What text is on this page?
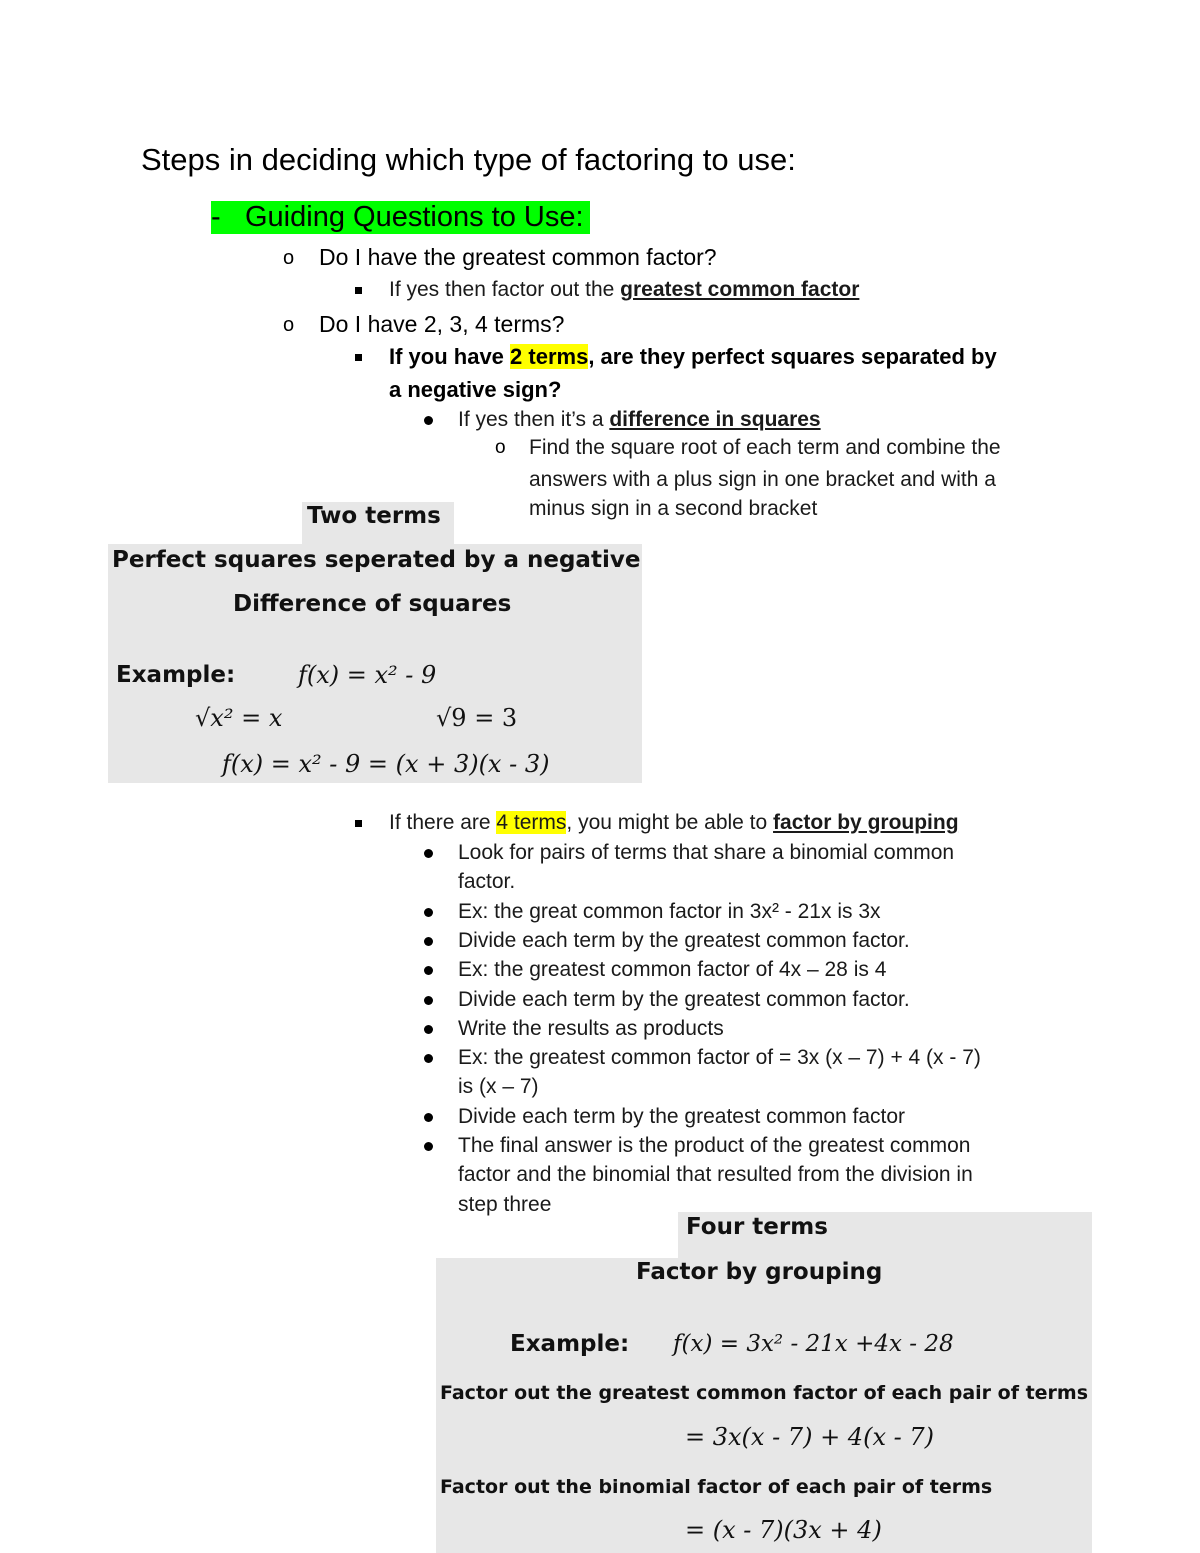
Steps in deciding which type of factoring to use:
- Guiding Questions to Use:
o Do I have the greatest common factor?
If yes then factor out the greatest common factor
o Do I have 2, 3, 4 terms?
If you have 2 terms, are they perfect squares separated by
a negative sign?
If yes then it’s a difference in squares
o Find the square root of each term and combine the
answers with a plus sign in one bracket and with a
minus sign in a second bracket
Two terms
Perfect squares seperated by a negative
Difference of squares
Example:	f(x) = x² - 9
√x² = x	√9 = 3
f(x) = x² - 9 = (x + 3)(x - 3)
If there are 4 terms, you might be able to factor by grouping
Look for pairs of terms that share a binomial common
factor.
Ex: the great common factor in 3x² - 21x is 3x
Divide each term by the greatest common factor.
Ex: the greatest common factor of 4x – 28 is 4
Divide each term by the greatest common factor.
Write the results as products
Ex: the greatest common factor of = 3x (x – 7) + 4 (x - 7)
is (x – 7)
Divide each term by the greatest common factor
The final answer is the product of the greatest common
factor and the binomial that resulted from the division in
step three
Four terms
Factor by grouping
Example: f(x) = 3x² - 21x +4x - 28
Factor out the greatest common factor of each pair of terms
= 3x(x - 7) + 4(x - 7)
Factor out the binomial factor of each pair of terms
= (x - 7)(3x + 4)
